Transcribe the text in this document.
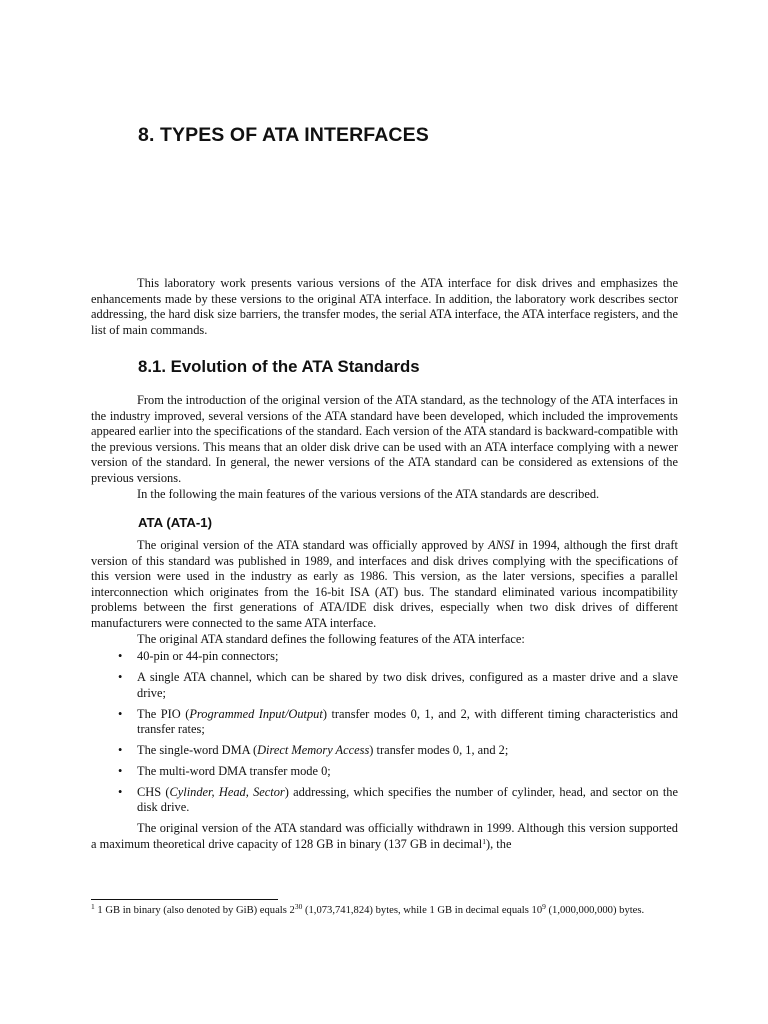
8. TYPES OF ATA INTERFACES

This laboratory work presents various versions of the ATA interface for disk drives and emphasizes the enhancements made by these versions to the original ATA interface. In addition, the laboratory work describes sector addressing, the hard disk size barriers, the transfer modes, the serial ATA interface, the ATA interface registers, and the list of main commands.

8.1. Evolution of the ATA Standards

From the introduction of the original version of the ATA standard, as the technology of the ATA interfaces in the industry improved, several versions of the ATA standard have been developed, which included the improvements appeared earlier into the specifications of the standard. Each version of the ATA standard is backward-compatible with the previous versions. This means that an older disk drive can be used with an ATA interface complying with a newer version of the standard. In general, the newer versions of the ATA standard can be considered as extensions of the previous versions.

In the following the main features of the various versions of the ATA standards are described.

ATA (ATA-1)

The original version of the ATA standard was officially approved by ANSI in 1994, although the first draft version of this standard was published in 1989, and interfaces and disk drives complying with the specifications of this version were used in the industry as early as 1986. This version, as the later versions, specifies a parallel interconnection which originates from the 16-bit ISA (AT) bus. The standard eliminated various incompatibility problems between the first generations of ATA/IDE disk drives, especially when two disk drives of different manufacturers were connected to the same ATA interface.

The original ATA standard defines the following features of the ATA interface:

• 40-pin or 44-pin connectors;
• A single ATA channel, which can be shared by two disk drives, configured as a master drive and a slave drive;
• The PIO (Programmed Input/Output) transfer modes 0, 1, and 2, with different timing characteristics and transfer rates;
• The single-word DMA (Direct Memory Access) transfer modes 0, 1, and 2;
• The multi-word DMA transfer mode 0;
• CHS (Cylinder, Head, Sector) addressing, which specifies the number of cylinder, head, and sector on the disk drive.

The original version of the ATA standard was officially withdrawn in 1999. Although this version supported a maximum theoretical drive capacity of 128 GB in binary (137 GB in decimal$^1$), the

$^1$ 1 GB in binary (also denoted by GiB) equals $2^{30}$ (1,073,741,824) bytes, while 1 GB in decimal equals $10^9$ (1,000,000,000) bytes.
